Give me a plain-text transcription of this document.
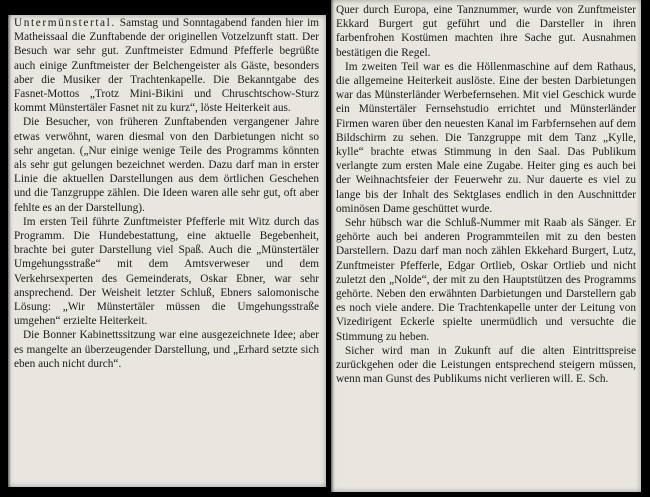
Untermünstertal. Samstag und Sonntagabend fanden hier im Matheissaal die Zunftabende der originellen Votzelzunft statt. Der Besuch war sehr gut. Zunftmeister Edmund Pfefferle begrüßte auch einige Zunftmeister der Belchengeister als Gäste, besonders aber die Musiker der Trachtenkapelle. Die Bekanntgabe des Fasnet-Mottos „Trotz Mini-Bikini und Chruschtschow-Sturz kommt Münstertäler Fasnet nit zu kurz“, löste Heiterkeit aus.

Die Besucher, von früheren Zunftabenden vergangener Jahre etwas verwöhnt, waren diesmal von den Darbietungen nicht so sehr angetan. („Nur einige wenige Teile des Programms könnten als sehr gut gelungen bezeichnet werden. Dazu darf man in erster Linie die aktuellen Darstellungen aus dem örtlichen Geschehen und die Tanzgruppe zählen. Die Ideen waren alle sehr gut, oft aber fehlte es an der Darstellung).

Im ersten Teil führte Zunftmeister Pfefferle mit Witz durch das Programm. Die Hundebestattung, eine aktuelle Begebenheit, brachte bei guter Darstellung viel Spaß. Auch die „Münstertäler Umgehungsstraße“ mit dem Amtsverweser und dem Verkehrsexperten des Gemeinderats, Oskar Ebner, war sehr ansprechend. Der Weisheit letzter Schluß, Ebners salomonische Lösung: „Wir Münstertäler müssen die Umgehungsstraße umgehen“ erzielte Heiterkeit.

Die Bonner Kabinettssitzung war eine ausgezeichnete Idee; aber es mangelte an überzeugender Darstellung, und „Erhard setzte sich eben auch nicht durch“.

Quer durch Europa, eine Tanznummer, wurde von Zunftmeister Ekkard Burgert gut geführt und die Darsteller in ihren farbenfrohen Kostümen machten ihre Sache gut. Ausnahmen bestätigen die Regel.

Im zweiten Teil war es die Höllenmaschine auf dem Rathaus, die allgemeine Heiterkeit auslöste. Eine der besten Darbietungen war das Münsterländer Werbefernsehen. Mit viel Geschick wurde ein Münstertäler Fernsehstudio errichtet und Münsterländer Firmen waren über den neuesten Kanal im Farbfernsehen auf dem Bildschirm zu sehen. Die Tanzgruppe mit dem Tanz „Kylle, kylle“ brachte etwas Stimmung in den Saal. Das Publikum verlangte zum ersten Male eine Zugabe. Heiter ging es auch bei der Weihnachtsfeier der Feuerwehr zu. Nur dauerte es viel zu lange bis der Inhalt des Sektglases endlich in den Auschnittder ominösen Dame geschüttet wurde.

Sehr hübsch war die Schluß-Nummer mit Raab als Sänger. Er gehörte auch bei anderen Programmteilen mit zu den besten Darstellern. Dazu darf man noch zählen Ekkehard Burgert, Lutz, Zunftmeister Pfefferle, Edgar Ortlieb, Oskar Ortlieb und nicht zuletzt den „Nolde“, der mit zu den Hauptstützen des Programms gehörte. Neben den erwähnten Darbietungen und Darstellern gab es noch viele andere. Die Trachtenkapelle unter der Leitung von Vizedirigent Eckerle spielte unermüdlich und versuchte die Stimmung zu heben.

Sicher wird man in Zukunft auf die alten Eintrittspreise zurückgehen oder die Leistungen entsprechend steigern müssen, wenn man Gunst des Publikums nicht verlieren will. E. Sch.
